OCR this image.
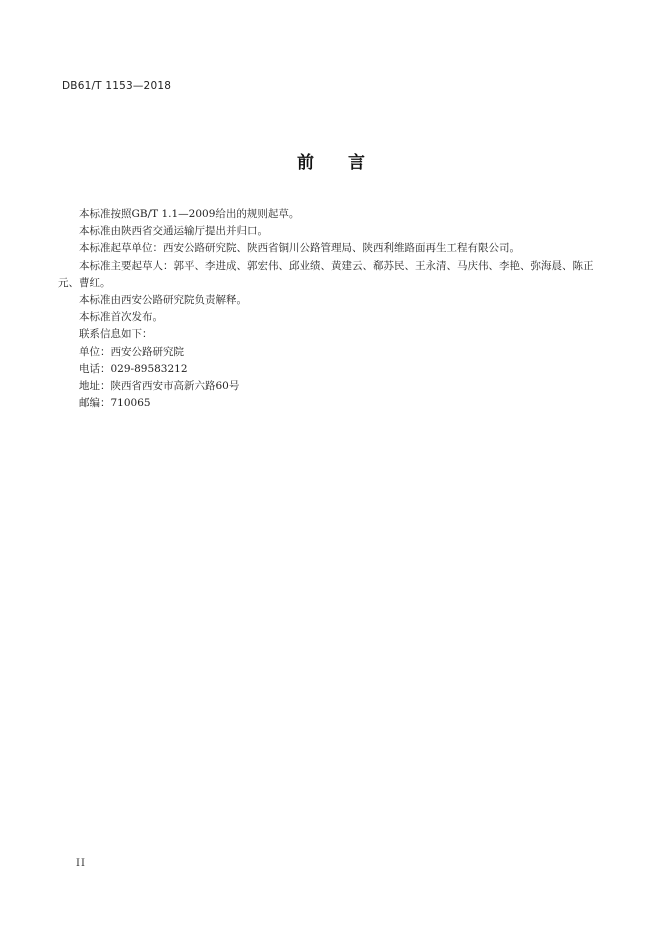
DB61/T 1153—2018
前 言

本标准按照GB/T 1.1—2009给出的规则起草。

本标准由陕西省交通运输厅提出并归口。

本标准起草单位：西安公路研究院、陕西省铜川公路管理局、陕西利维路面再生工程有限公司。

本标准主要起草人：郭平、李进成、郭宏伟、邱业绩、黄建云、郗苏民、王永清、马庆伟、李艳、弥海晨、陈正元、曹红。

本标准由西安公路研究院负责解释。

本标准首次发布。

联系信息如下：

单位：西安公路研究院

电话：029-89583212

地址：陕西省西安市高新六路60号

邮编：710065

II
